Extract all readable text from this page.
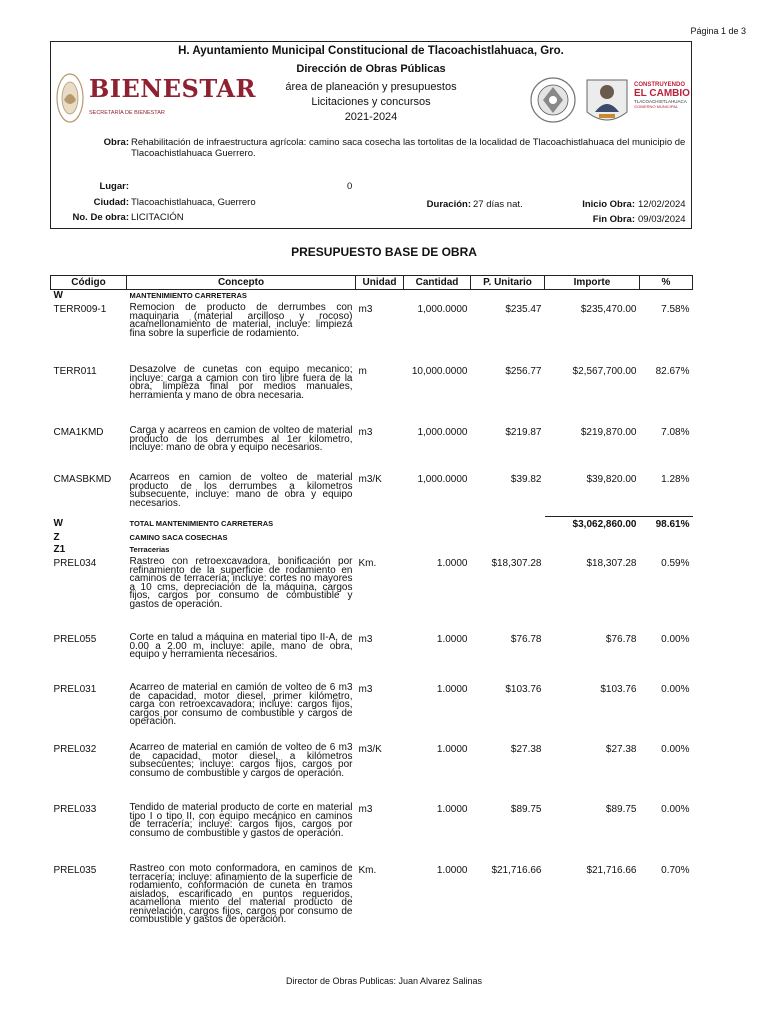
Página 1 de 3
H. Ayuntamiento Municipal Constitucional de Tlacoachistlahuaca, Gro.
Dirección de Obras Públicas
área de planeación y presupuestos
Licitaciones y concursos
2021-2024
BIENESTAR
SECRETARÍA DE BIENESTAR
CONSTRUYENDO
EL CAMBIO
TLACOACHISTLAHUACA
GOBIERNO MUNICIPAL
Obra: Rehabilitación de infraestructura agrícola: camino saca cosecha las tortolitas de la localidad de Tlacoachistlahuaca del municipio de Tlacoachistlahuaca Guerrero.
Lugar:	0
Ciudad: Tlacoachistlahuaca, Guerrero
No. De obra: LICITACIÓN
Duración: 27 días nat.	Inicio Obra: 12/02/2024
Fin Obra: 09/03/2024
PRESUPUESTO BASE DE OBRA
Código	Concepto	Unidad	Cantidad	P. Unitario	Importe	%
W	MANTENIMIENTO CARRETERAS					
TERR009-1	Remocion de producto de derrumbes con maquinaria (material arcilloso y rocoso) acamellonamiento de material, incluye: limpieza fina sobre la superficie de rodamiento.	m3	1,000.0000	$235.47	$235,470.00	7.58%
TERR011	Desazolve de cunetas con equipo mecanico; incluye: carga a camion con tiro libre fuera de la obra, limpieza final por medios manuales, herramienta y mano de obra necesaria.	m	10,000.0000	$256.77	$2,567,700.00	82.67%
CMA1KMD	Carga y acarreos en camion de volteo de material producto de los derrumbes al 1er kilometro, incluye: mano de obra y equipo necesarios.	m3	1,000.0000	$219.87	$219,870.00	7.08%
CMASBKMD	Acarreos en camion de volteo de material producto de los derrumbes a kilometros subsecuente, incluye: mano de obra y equipo necesarios.	m3/K	1,000.0000	$39.82	$39,820.00	1.28%
W	TOTAL MANTENIMIENTO CARRETERAS				$3,062,860.00	98.61%
Z	CAMINO SACA COSECHAS					
Z1	Terracerias					
PREL034	Rastreo con retroexcavadora, bonificación por refinamiento de la superficie de rodamiento en caminos de terracería; incluye: cortes no mayores a 10 cms, depreciación de la máquina, cargos fijos, cargos por consumo de combustible y gastos de operación.	Km.	1.0000	$18,307.28	$18,307.28	0.59%
PREL055	Corte en talud a máquina en material tipo II-A, de 0.00 a 2.00 m, incluye: apile, mano de obra, equipo y herramienta necesarios.	m3	1.0000	$76.78	$76.78	0.00%
PREL031	Acarreo de material en camión de volteo de 6 m3 de capacidad, motor diesel, primer kilómetro, carga con retroexcavadora; incluye: cargos fijos, cargos por consumo de combustible y cargos de operación.	m3	1.0000	$103.76	$103.76	0.00%
PREL032	Acarreo de material en camión de volteo de 6 m3 de capacidad, motor diesel, a kilómetros subsecuentes; incluye: cargos fijos, cargos por consumo de combustible y cargos de operación.	m3/K	1.0000	$27.38	$27.38	0.00%
PREL033	Tendido de material producto de corte en material tipo I o tipo II, con equipo mecánico en caminos de terracería; incluye: cargos fijos, cargos por consumo de combustible y gastos de operación.	m3	1.0000	$89.75	$89.75	0.00%
PREL035	Rastreo con moto conformadora, en caminos de terracería; incluye: afinamiento de la superficie de rodamiento, conformación de cuneta en tramos aislados, escarificado en puntos requeridos, acamellona miento del material producto de renivelación, cargos fijos, cargos por consumo de combustible y gastos de operación.	Km.	1.0000	$21,716.66	$21,716.66	0.70%
Director de Obras Publicas: Juan Alvarez Salinas
